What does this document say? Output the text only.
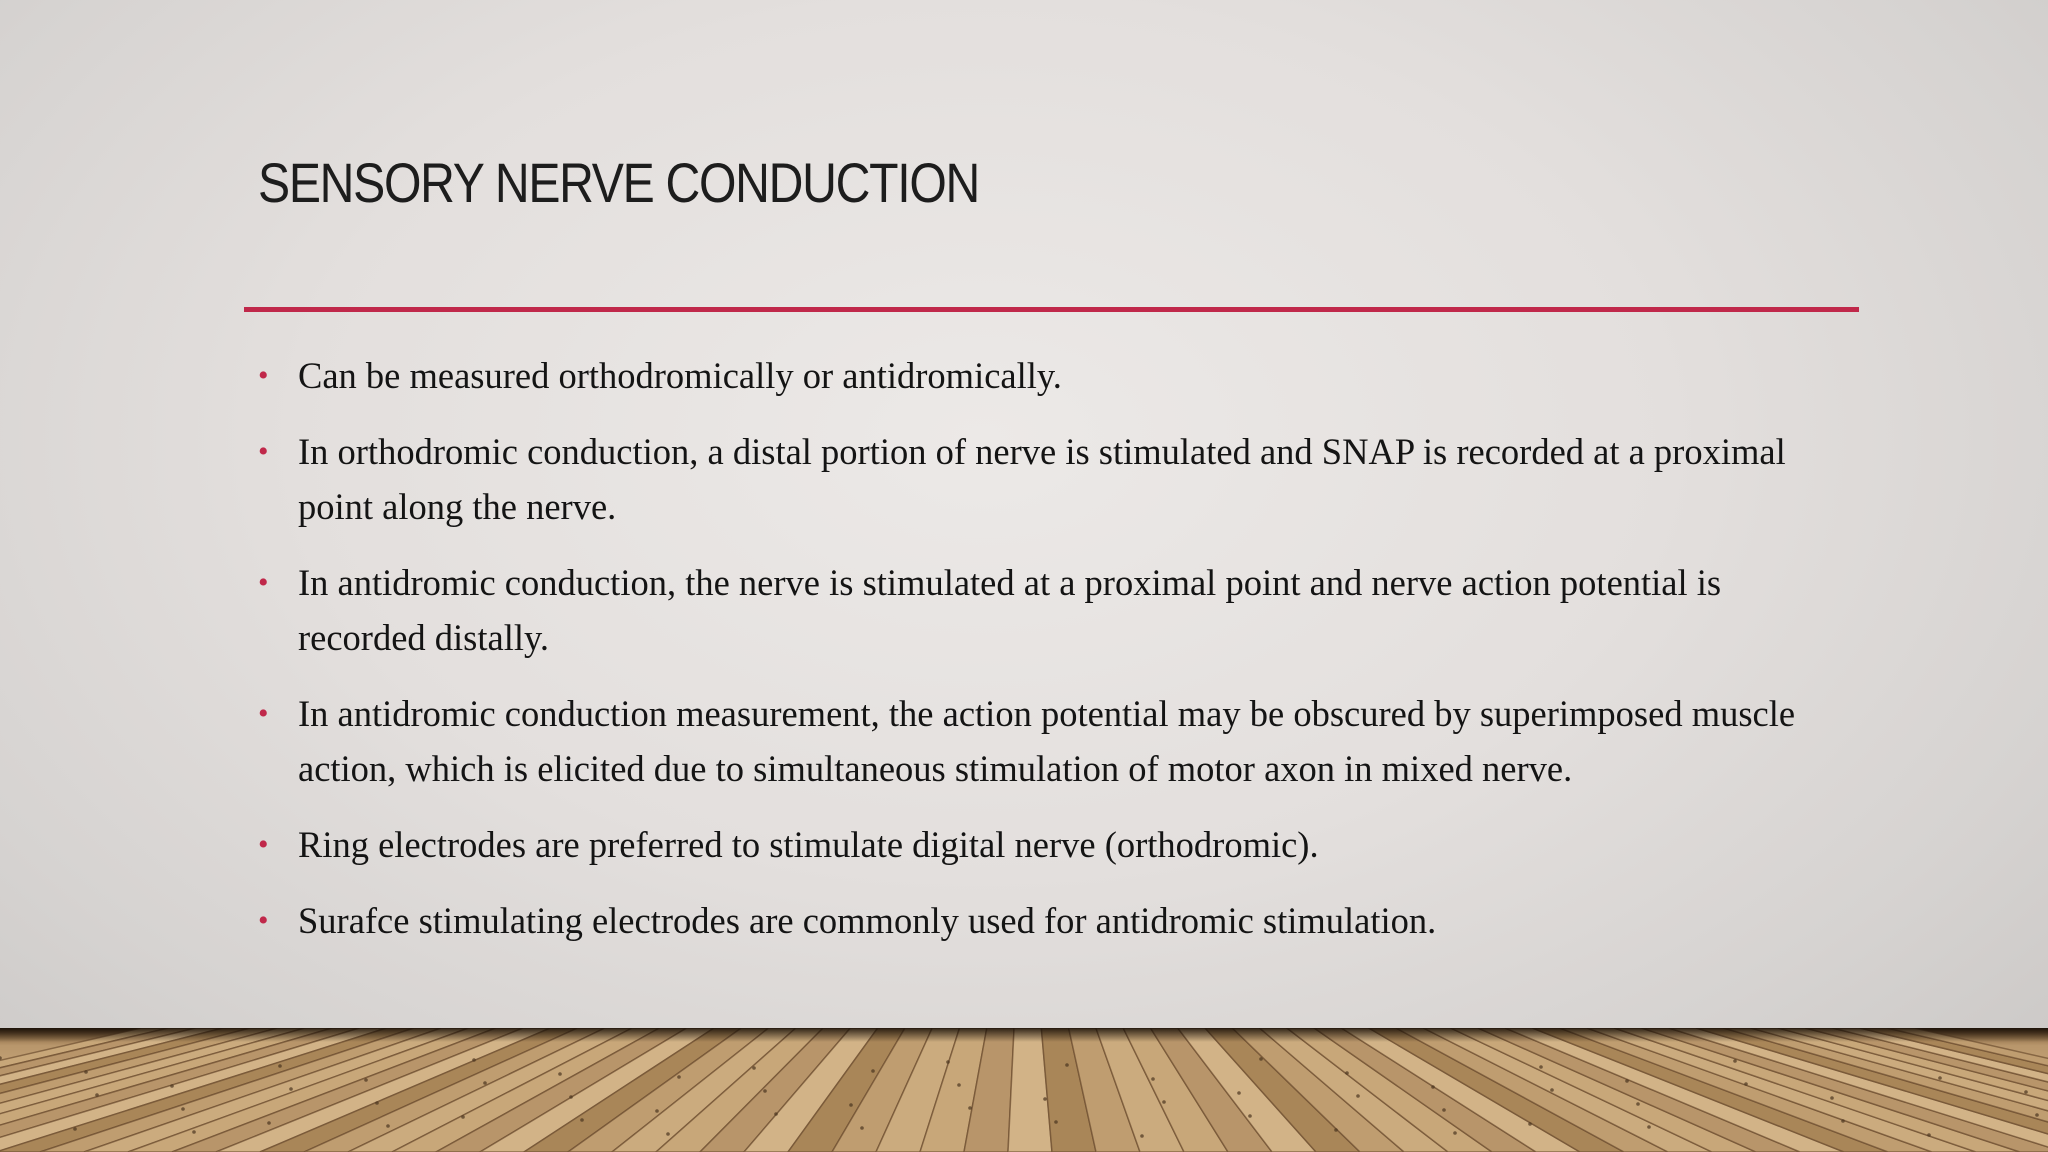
SENSORY NERVE CONDUCTION
• Can be measured orthodromically or antidromically.
• In orthodromic conduction, a distal portion of nerve is stimulated and SNAP is recorded at a proximal point along the nerve.
• In antidromic conduction, the nerve is stimulated at a proximal point and nerve action potential is recorded distally.
• In antidromic conduction measurement, the action potential may be obscured by superimposed muscle action, which is elicited due to simultaneous stimulation of motor axon in mixed nerve.
• Ring electrodes are preferred to stimulate digital nerve (orthodromic).
• Surafce stimulating electrodes are commonly used for antidromic stimulation.
